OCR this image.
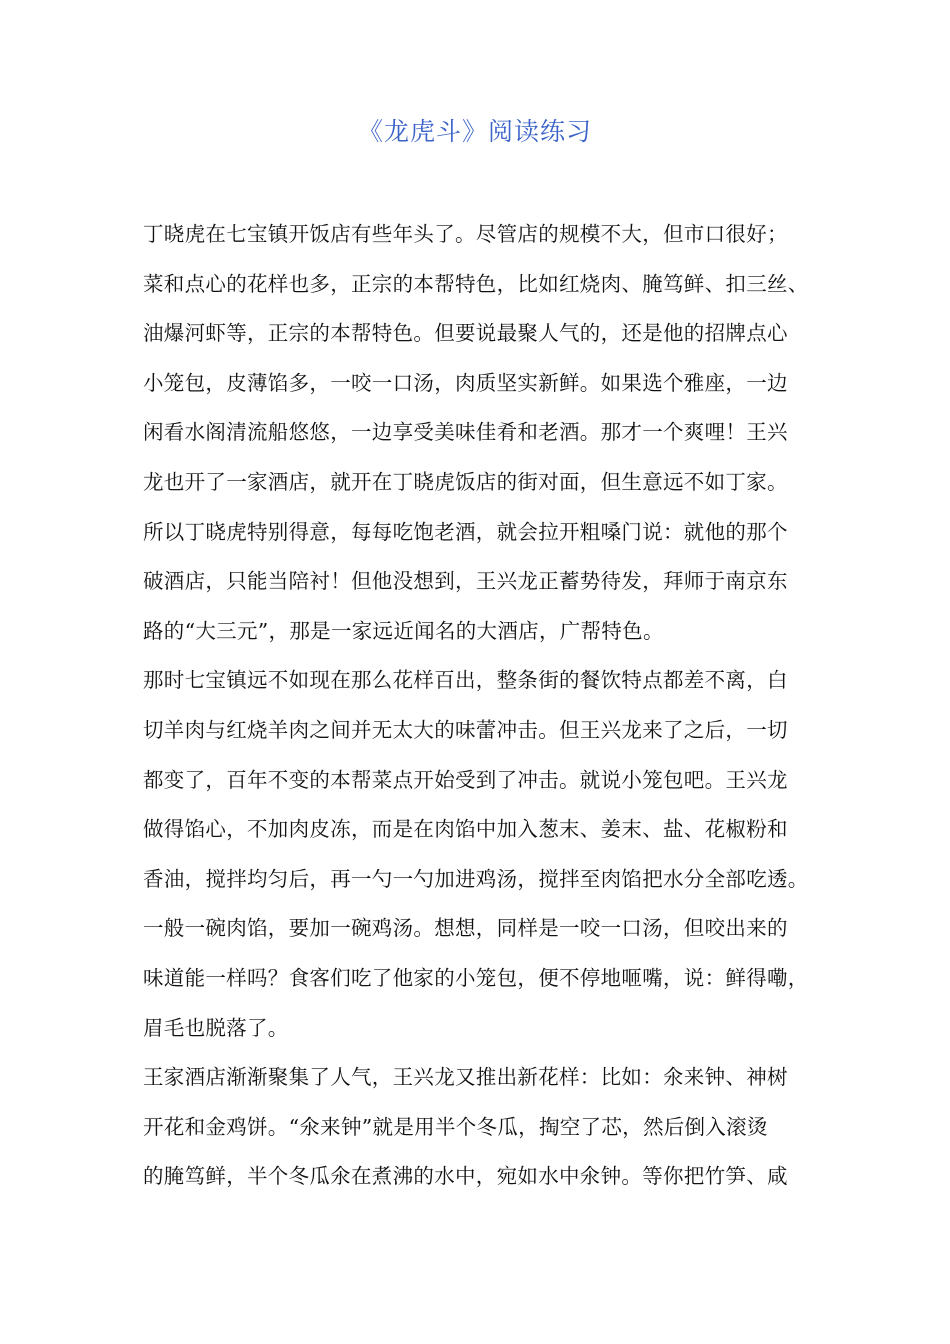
《龙虎斗》阅读练习
丁晓虎在七宝镇开饭店有些年头了。尽管店的规模不大，但市口很好；
菜和点心的花样也多，正宗的本帮特色，比如红烧肉、腌笃鲜、扣三丝、
油爆河虾等，正宗的本帮特色。但要说最聚人气的，还是他的招牌点心
小笼包，皮薄馅多，一咬一口汤，肉质坚实新鲜。如果选个雅座，一边
闲看水阁清流船悠悠，一边享受美味佳肴和老酒。那才一个爽哩！王兴
龙也开了一家酒店，就开在丁晓虎饭店的街对面，但生意远不如丁家。
所以丁晓虎特别得意，每每吃饱老酒，就会拉开粗嗓门说：就他的那个
破酒店，只能当陪衬！但他没想到，王兴龙正蓄势待发，拜师于南京东
路的“大三元”，那是一家远近闻名的大酒店，广帮特色。
那时七宝镇远不如现在那么花样百出，整条街的餐饮特点都差不离，白
切羊肉与红烧羊肉之间并无太大的味蕾冲击。但王兴龙来了之后，一切
都变了，百年不变的本帮菜点开始受到了冲击。就说小笼包吧。王兴龙
做得馅心，不加肉皮冻，而是在肉馅中加入葱末、姜末、盐、花椒粉和
香油，搅拌均匀后，再一勺一勺加进鸡汤，搅拌至肉馅把水分全部吃透。
一般一碗肉馅，要加一碗鸡汤。想想，同样是一咬一口汤，但咬出来的
味道能一样吗？食客们吃了他家的小笼包，便不停地咂嘴，说：鲜得嘞，
眉毛也脱落了。
王家酒店渐渐聚集了人气，王兴龙又推出新花样：比如：氽来钟、神树
开花和金鸡饼。“氽来钟”就是用半个冬瓜，掏空了芯，然后倒入滚烫
的腌笃鲜，半个冬瓜氽在煮沸的水中，宛如水中氽钟。等你把竹笋、咸
